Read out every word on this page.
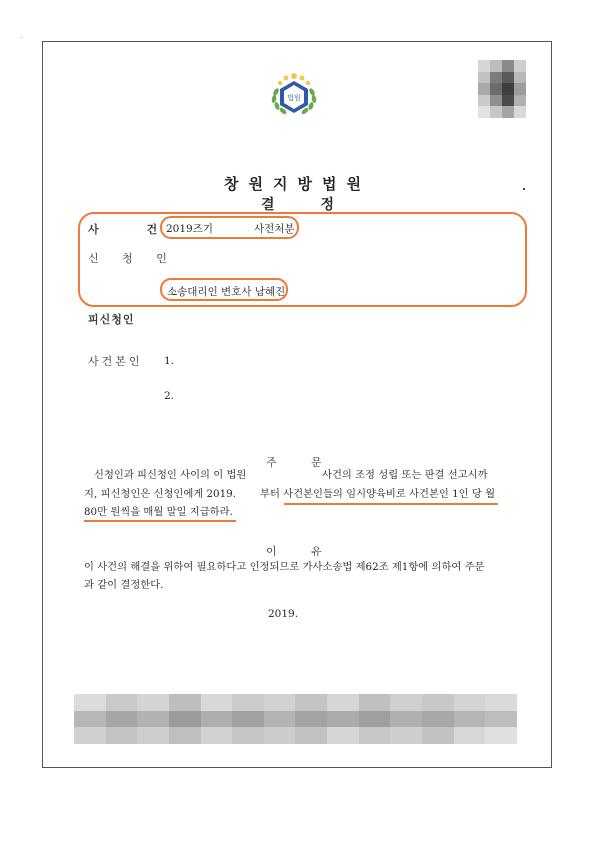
·
법원
창원지방법원
결	정
사 건
2019즈기	사전처분
신 청 인
소송대리인 변호사 남혜진
피신청인
사건본인 1.
2.
주	문
신청인과 피신청인 사이의 이 법원	사건의 조정 성립 또는 판결 선고시까
지, 피신청인은 신청인에게 2019. 부터 사건본인들의 임시양육비로 사건본인 1인 당 월
80만 원씩을 매월 말일 지급하라.
이	유
이 사건의 해결을 위하여 필요하다고 인정되므로 가사소송법 제62조 제1항에 의하여 주문
과 같이 결정한다.
2019.
